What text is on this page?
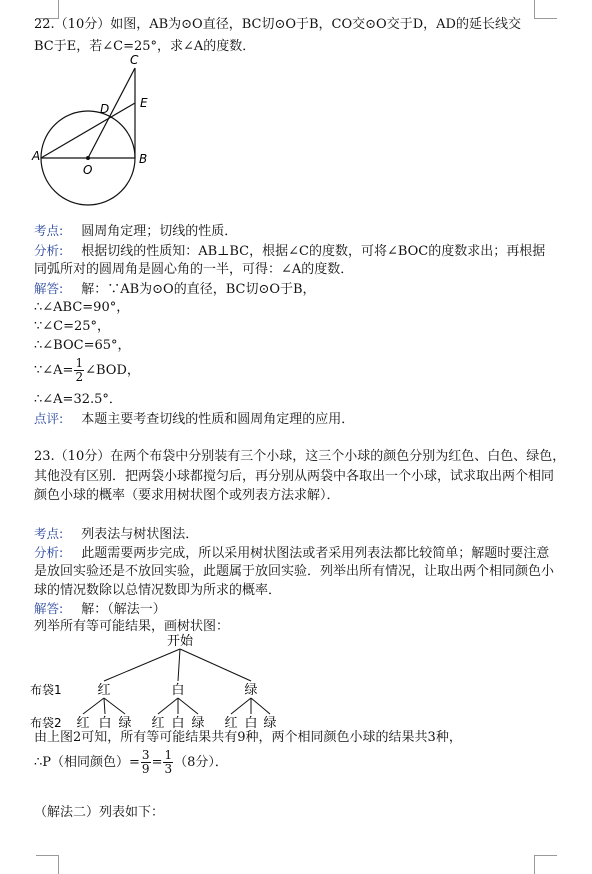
22.（10分）如图，AB为⊙O直径，BC切⊙O于B，CO交⊙O交于D，AD的延长线交
BC于E，若∠C=25°，求∠A的度数．
C
D	E
A	B
O
考点: 圆周角定理；切线的性质．
分析: 根据切线的性质知：AB⊥BC，根据∠C的度数，可将∠BOC的度数求出；再根据
同弧所对的圆周角是圆心角的一半，可得：∠A的度数．
解答: 解：∵AB为⊙O的直径，BC切⊙O于B，
∴∠ABC=90°，
∵∠C=25°，
∴∠BOC=65°，
∵∠A= $\frac{1}{2}$ ∠BOD，
∴∠A=32.5°．
点评: 本题主要考查切线的性质和圆周角定理的应用．
23.（10分）在两个布袋中分别装有三个小球，这三个小球的颜色分别为红色、白色、绿色，
其他没有区别．把两袋小球都搅匀后，再分别从两袋中各取出一个小球，试求取出两个相同
颜色小球的概率（要求用树状图个或列表方法求解）．
考点: 列表法与树状图法．
分析: 此题需要两步完成，所以采用树状图法或者采用列表法都比较简单；解题时要注意
是放回实验还是不放回实验，此题属于放回实验．列举出所有情况，让取出两个相同颜色小
球的情况数除以总情况数即为所求的概率．
解答: 解：（解法一）
列举所有等可能结果，画树状图：
开始
布袋1	红	白	绿
布袋2 红 白 绿 红 白 绿 红 白 绿
由上图2可知，所有等可能结果共有9种，两个相同颜色小球的结果共3种，
∴P（相同颜色）= $\frac{3}{9} = \frac{1}{3} (8$分）．
（解法二）列表如下：
